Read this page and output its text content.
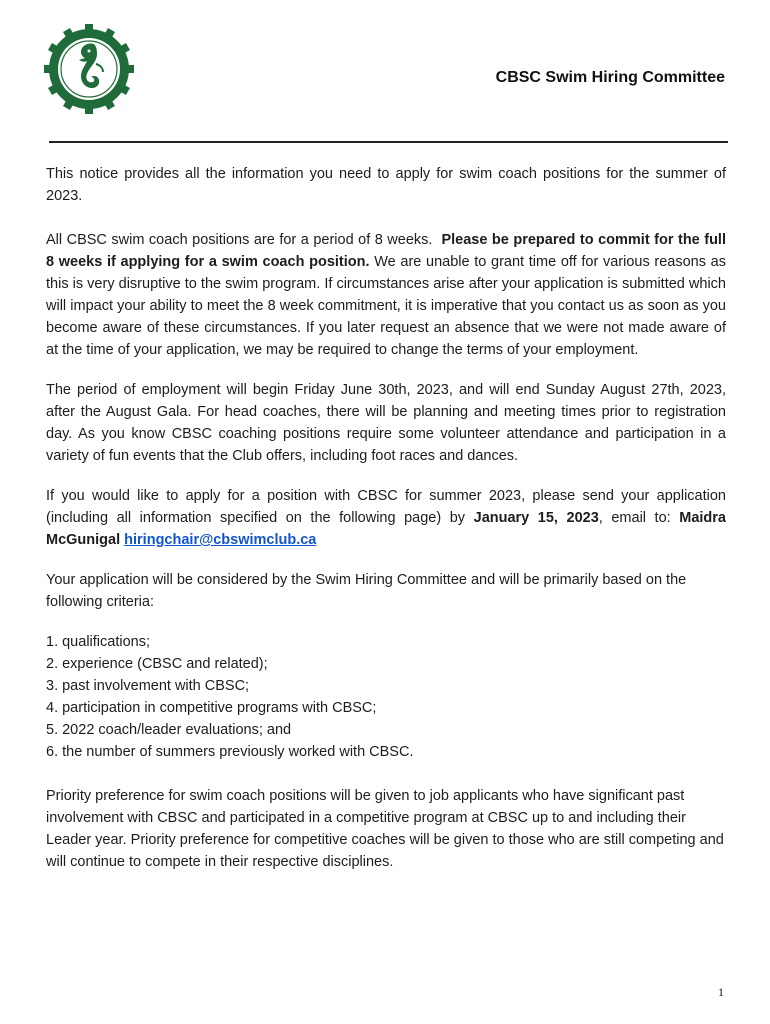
CBSC Swim Hiring Committee

This notice provides all the information you need to apply for swim coach positions for the summer of 2023.

All CBSC swim coach positions are for a period of 8 weeks. Please be prepared to commit for the full 8 weeks if applying for a swim coach position. We are unable to grant time off for various reasons as this is very disruptive to the swim program. If circumstances arise after your application is submitted which will impact your ability to meet the 8 week commitment, it is imperative that you contact us as soon as you become aware of these circumstances. If you later request an absence that we were not made aware of at the time of your application, we may be required to change the terms of your employment.

The period of employment will begin Friday June 30th, 2023, and will end Sunday August 27th, 2023, after the August Gala. For head coaches, there will be planning and meeting times prior to registration day. As you know CBSC coaching positions require some volunteer attendance and participation in a variety of fun events that the Club offers, including foot races and dances.

If you would like to apply for a position with CBSC for summer 2023, please send your application (including all information specified on the following page) by January 15, 2023, email to: Maidra McGunigal hiringchair@cbswimclub.ca

Your application will be considered by the Swim Hiring Committee and will be primarily based on the following criteria:

1. qualifications;
2. experience (CBSC and related);
3. past involvement with CBSC;
4. participation in competitive programs with CBSC;
5. 2022 coach/leader evaluations; and
6. the number of summers previously worked with CBSC.

Priority preference for swim coach positions will be given to job applicants who have significant past involvement with CBSC and participated in a competitive program at CBSC up to and including their Leader year. Priority preference for competitive coaches will be given to those who are still competing and will continue to compete in their respective disciplines.

1
